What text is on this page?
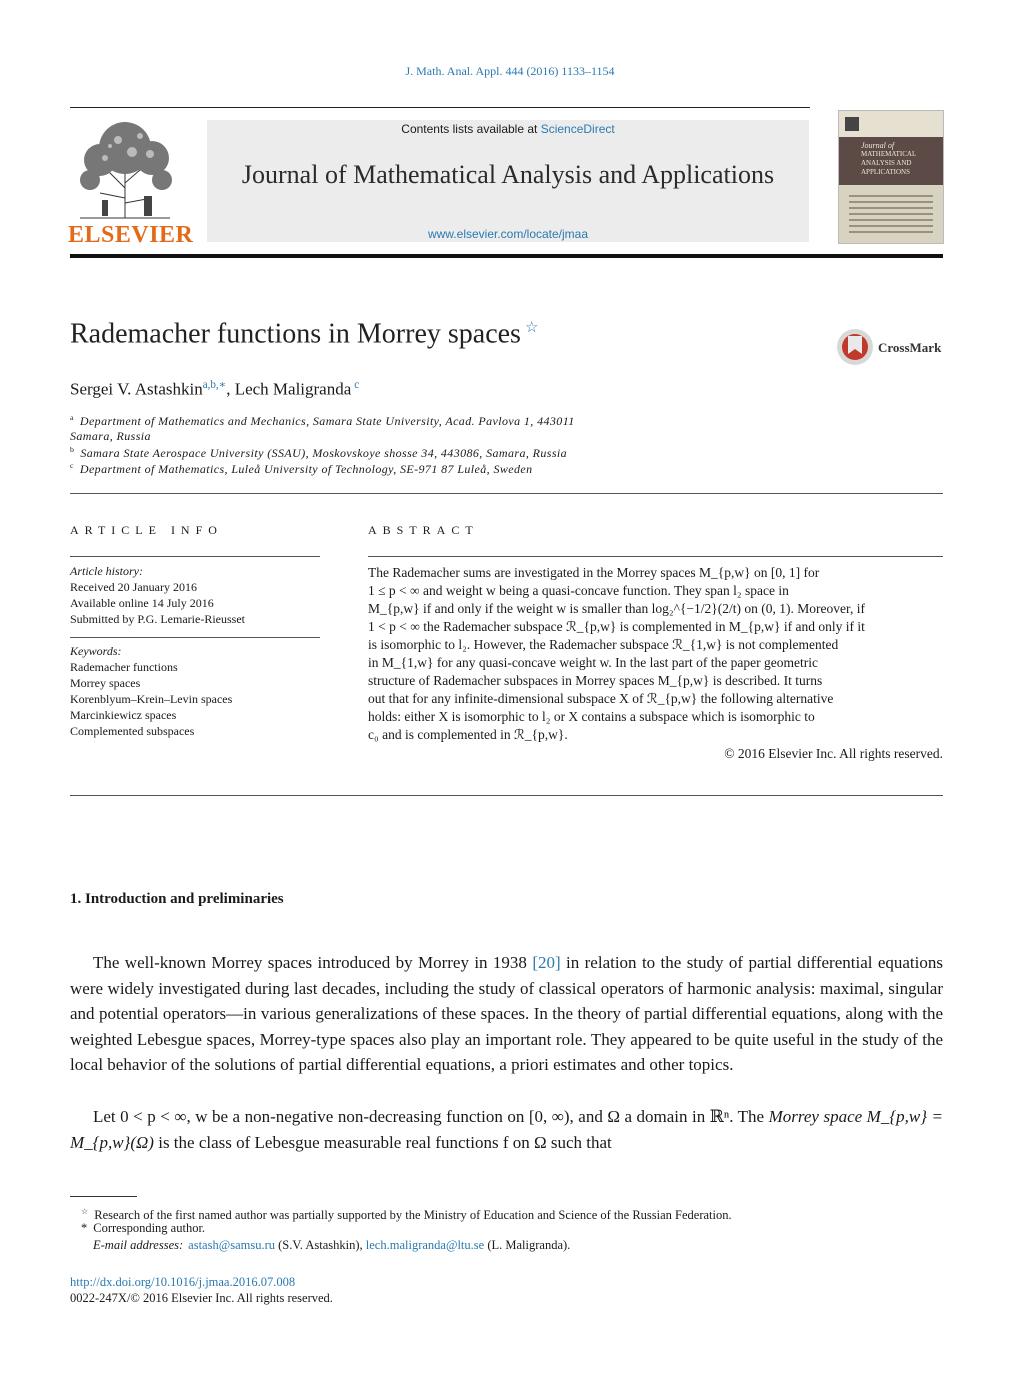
J. Math. Anal. Appl. 444 (2016) 1133–1154
ELSEVIER
Contents lists available at ScienceDirect
Journal of Mathematical Analysis and Applications
www.elsevier.com/locate/jmaa
Journal of
MATHEMATICAL
ANALYSIS AND
APPLICATIONS
Rademacher functions in Morrey spaces ☆
CrossMark
Sergei V. Astashkin$^{a,b,∗}$, Lech Maligranda $^c$
$^a$ Department of Mathematics and Mechanics, Samara State University, Acad. Pavlova 1, 443011
Samara, Russia
$^b$ Samara State Aerospace University (SSAU), Moskovskoye shosse 34, 443086, Samara, Russia
$^c$ Department of Mathematics, Luleå University of Technology, SE-971 87 Luleå, Sweden
ARTICLE INFO
Article history:
Received 20 January 2016
Available online 14 July 2016
Submitted by P.G. Lemarie-Rieusset
Keywords:
Rademacher functions
Morrey spaces
Korenblyum–Krein–Levin spaces
Marcinkiewicz spaces
Complemented subspaces
ABSTRACT
The Rademacher sums are investigated in the Morrey spaces M_{p,w} on [0, 1] for
1 ≤ p < ∞ and weight w being a quasi-concave function. They span l₂ space in
M_{p,w} if and only if the weight w is smaller than log₂^{−1/2}(2/t) on (0, 1). Moreover, if
1 < p < ∞ the Rademacher subspace ℛ_{p,w} is complemented in M_{p,w} if and only if it
is isomorphic to l₂. However, the Rademacher subspace ℛ_{1,w} is not complemented
in M_{1,w} for any quasi-concave weight w. In the last part of the paper geometric
structure of Rademacher subspaces in Morrey spaces M_{p,w} is described. It turns
out that for any infinite-dimensional subspace X of ℛ_{p,w} the following alternative
holds: either X is isomorphic to l₂ or X contains a subspace which is isomorphic to
c₀ and is complemented in ℛ_{p,w}.
© 2016 Elsevier Inc. All rights reserved.
1. Introduction and preliminaries
The well-known Morrey spaces introduced by Morrey in 1938 [20] in relation to the study of partial differential equations were widely investigated during last decades, including the study of classical operators of harmonic analysis: maximal, singular and potential operators—in various generalizations of these spaces. In the theory of partial differential equations, along with the weighted Lebesgue spaces, Morrey-type spaces also play an important role. They appeared to be quite useful in the study of the local behavior of the solutions of partial differential equations, a priori estimates and other topics.
Let 0 < p < ∞, w be a non-negative non-decreasing function on [0, ∞), and Ω a domain in ℝⁿ. The Morrey space M_{p,w} = M_{p,w}(Ω) is the class of Lebesgue measurable real functions f on Ω such that
☆ Research of the first named author was partially supported by the Ministry of Education and Science of the Russian Federation.
* Corresponding author.
E-mail addresses: astash@samsu.ru (S.V. Astashkin), lech.maligranda@ltu.se (L. Maligranda).
http://dx.doi.org/10.1016/j.jmaa.2016.07.008
0022-247X/© 2016 Elsevier Inc. All rights reserved.
